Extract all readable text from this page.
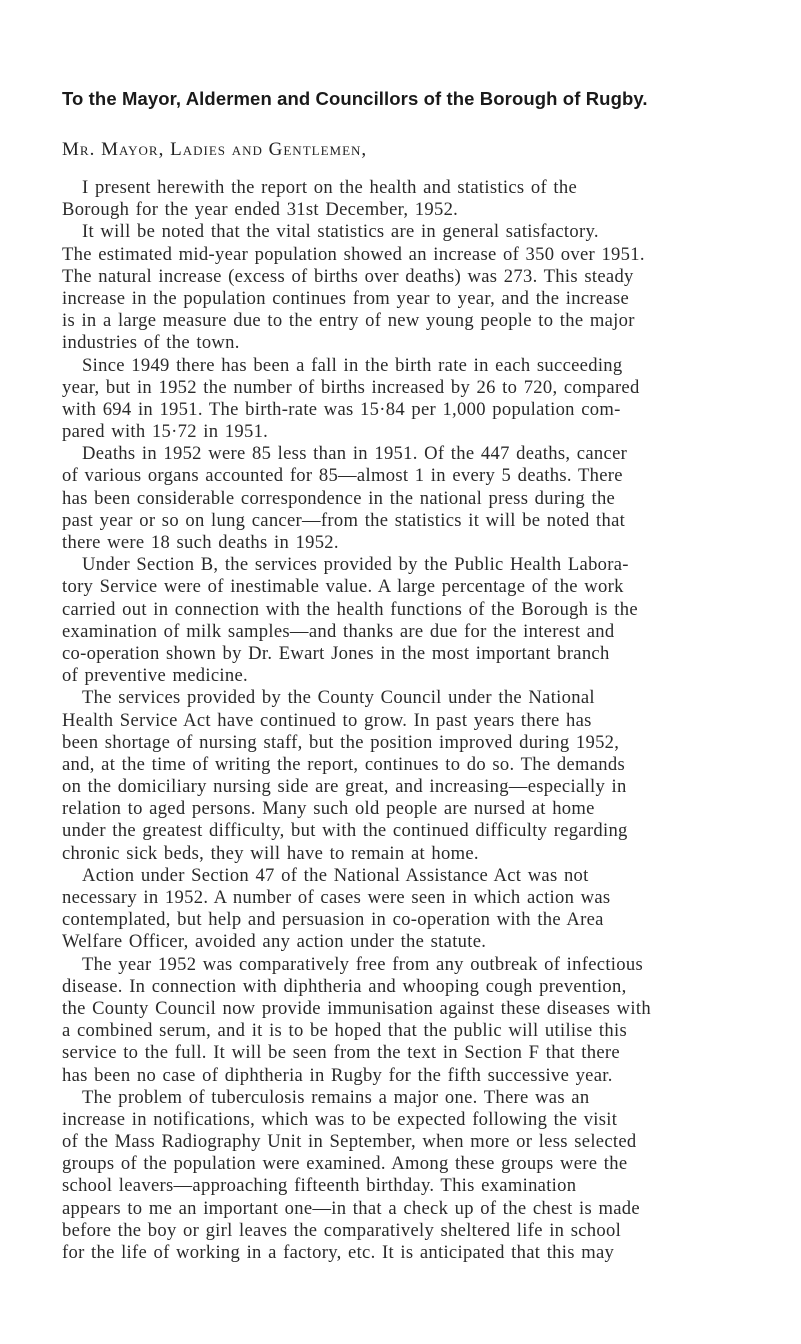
To the Mayor, Aldermen and Councillors of the Borough of Rugby.
Mr. Mayor, Ladies and Gentlemen,
I present herewith the report on the health and statistics of the
Borough for the year ended 31st December, 1952.
It will be noted that the vital statistics are in general satisfactory.
The estimated mid-year population showed an increase of 350 over 1951.
The natural increase (excess of births over deaths) was 273. This steady
increase in the population continues from year to year, and the increase
is in a large measure due to the entry of new young people to the major
industries of the town.
Since 1949 there has been a fall in the birth rate in each succeeding
year, but in 1952 the number of births increased by 26 to 720, compared
with 694 in 1951. The birth-rate was 15·84 per 1,000 population com-
pared with 15·72 in 1951.
Deaths in 1952 were 85 less than in 1951. Of the 447 deaths, cancer
of various organs accounted for 85—almost 1 in every 5 deaths. There
has been considerable correspondence in the national press during the
past year or so on lung cancer—from the statistics it will be noted that
there were 18 such deaths in 1952.
Under Section B, the services provided by the Public Health Labora-
tory Service were of inestimable value. A large percentage of the work
carried out in connection with the health functions of the Borough is the
examination of milk samples—and thanks are due for the interest and
co-operation shown by Dr. Ewart Jones in the most important branch
of preventive medicine.
The services provided by the County Council under the National
Health Service Act have continued to grow. In past years there has
been shortage of nursing staff, but the position improved during 1952,
and, at the time of writing the report, continues to do so. The demands
on the domiciliary nursing side are great, and increasing—especially in
relation to aged persons. Many such old people are nursed at home
under the greatest difficulty, but with the continued difficulty regarding
chronic sick beds, they will have to remain at home.
Action under Section 47 of the National Assistance Act was not
necessary in 1952. A number of cases were seen in which action was
contemplated, but help and persuasion in co-operation with the Area
Welfare Officer, avoided any action under the statute.
The year 1952 was comparatively free from any outbreak of infectious
disease. In connection with diphtheria and whooping cough prevention,
the County Council now provide immunisation against these diseases with
a combined serum, and it is to be hoped that the public will utilise this
service to the full. It will be seen from the text in Section F that there
has been no case of diphtheria in Rugby for the fifth successive year.
The problem of tuberculosis remains a major one. There was an
increase in notifications, which was to be expected following the visit
of the Mass Radiography Unit in September, when more or less selected
groups of the population were examined. Among these groups were the
school leavers—approaching fifteenth birthday. This examination
appears to me an important one—in that a check up of the chest is made
before the boy or girl leaves the comparatively sheltered life in school
for the life of working in a factory, etc. It is anticipated that this may
